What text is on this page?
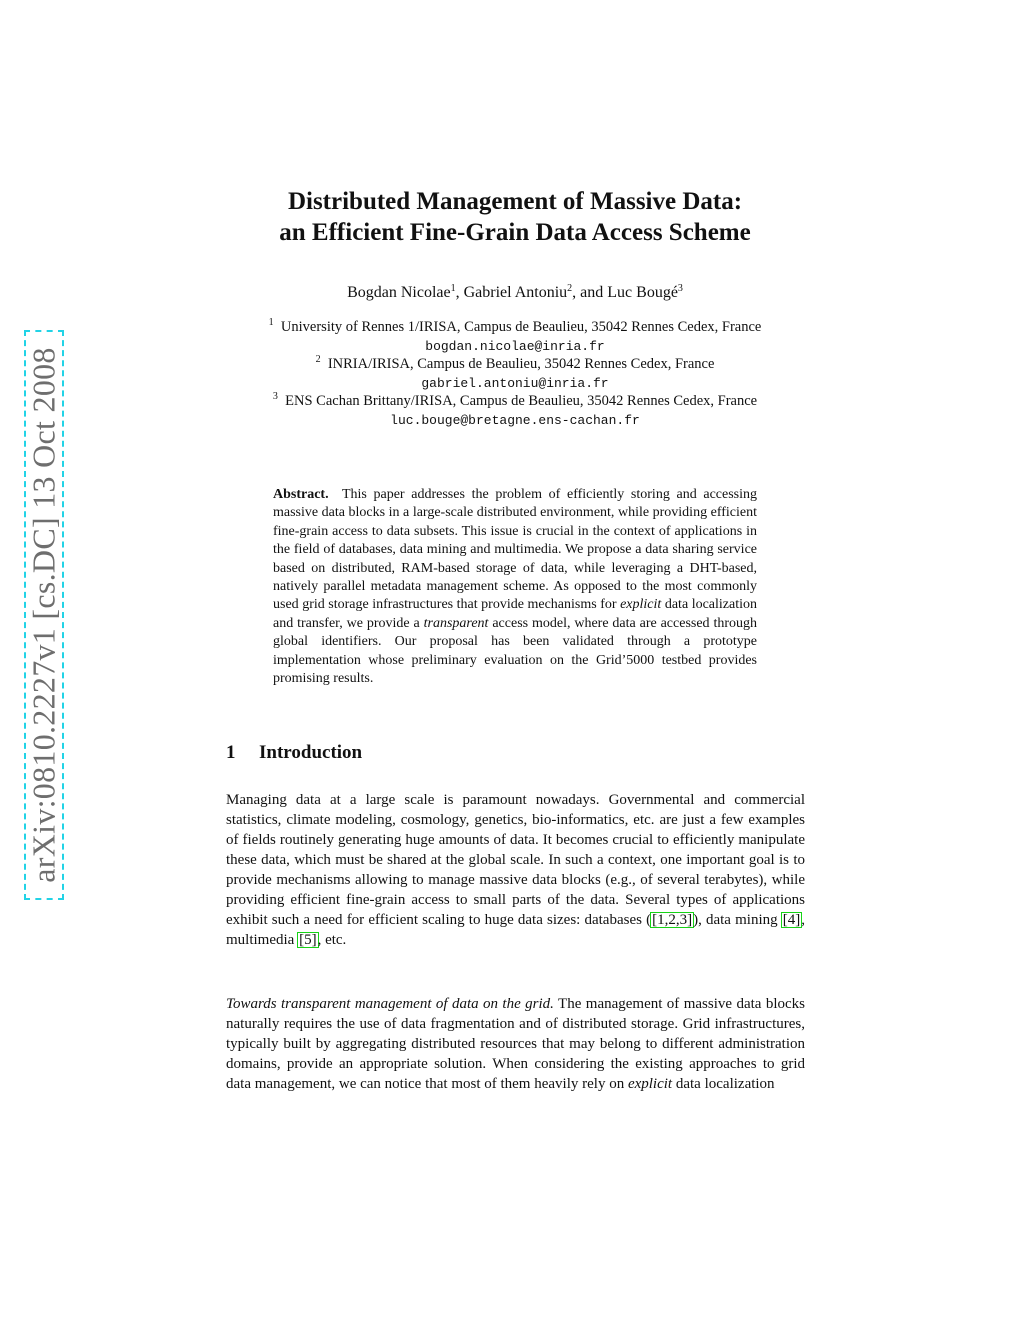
arXiv:0810.2227v1 [cs.DC] 13 Oct 2008
Distributed Management of Massive Data:
an Efficient Fine-Grain Data Access Scheme
Bogdan Nicolae$^1$, Gabriel Antoniu$^2$, and Luc Bougé$^3$
$^1$ University of Rennes 1/IRISA, Campus de Beaulieu, 35042 Rennes Cedex, France
bogdan.nicolae@inria.fr
$^2$ INRIA/IRISA, Campus de Beaulieu, 35042 Rennes Cedex, France
gabriel.antoniu@inria.fr
$^3$ ENS Cachan Brittany/IRISA, Campus de Beaulieu, 35042 Rennes Cedex, France
luc.bouge@bretagne.ens-cachan.fr
Abstract. This paper addresses the problem of efficiently storing and accessing massive data blocks in a large-scale distributed environment, while providing efficient fine-grain access to data subsets. This issue is crucial in the context of applications in the field of databases, data mining and multimedia. We propose a data sharing service based on distributed, RAM-based storage of data, while leveraging a DHT-based, natively parallel metadata management scheme. As opposed to the most commonly used grid storage infrastructures that provide mechanisms for explicit data localization and transfer, we provide a transparent access model, where data are accessed through global identifiers. Our proposal has been validated through a prototype implementation whose preliminary evaluation on the Grid’5000 testbed provides promising results.
1 Introduction
Managing data at a large scale is paramount nowadays. Governmental and commercial statistics, climate modeling, cosmology, genetics, bio-informatics, etc. are just a few examples of fields routinely generating huge amounts of data. It becomes crucial to efficiently manipulate these data, which must be shared at the global scale. In such a context, one important goal is to provide mechanisms allowing to manage massive data blocks (e.g., of several terabytes), while providing efficient fine-grain access to small parts of the data. Several types of applications exhibit such a need for efficient scaling to huge data sizes: databases ([1,2,3]), data mining [4], multimedia [5], etc.
Towards transparent management of data on the grid. The management of massive data blocks naturally requires the use of data fragmentation and of distributed storage. Grid infrastructures, typically built by aggregating distributed resources that may belong to different administration domains, provide an appropriate solution. When considering the existing approaches to grid data management, we can notice that most of them heavily rely on explicit data localization
